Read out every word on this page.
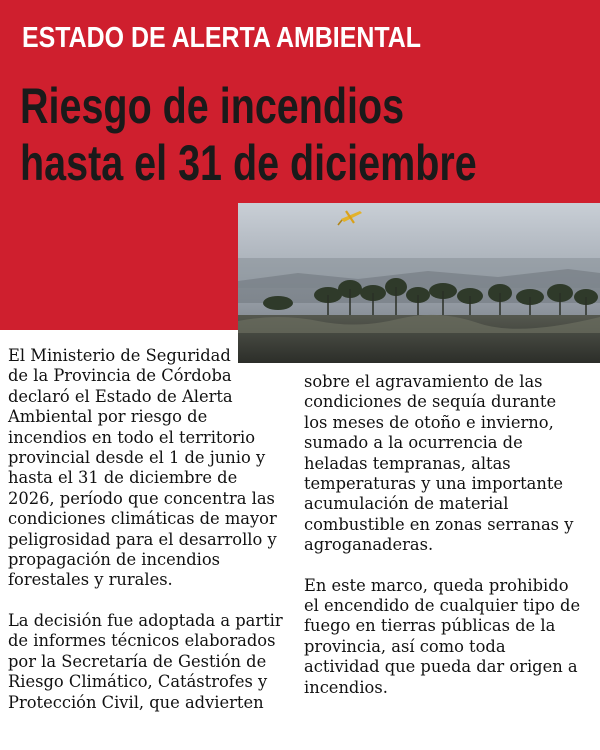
ESTADO DE ALERTA AMBIENTAL
Riesgo de incendios
hasta el 31 de diciembre

El Ministerio de Seguridad
de la Provincia de Córdoba
declaró el Estado de Alerta
Ambiental por riesgo de
incendios en todo el territorio
provincial desde el 1 de junio y
hasta el 31 de diciembre de
2026, período que concentra las
condiciones climáticas de mayor
peligrosidad para el desarrollo y
propagación de incendios
forestales y rurales.

La decisión fue adoptada a partir
de informes técnicos elaborados
por la Secretaría de Gestión de
Riesgo Climático, Catástrofes y
Protección Civil, que advierten

sobre el agravamiento de las
condiciones de sequía durante
los meses de otoño e invierno,
sumado a la ocurrencia de
heladas tempranas, altas
temperaturas y una importante
acumulación de material
combustible en zonas serranas y
agroganaderas.

En este marco, queda prohibido
el encendido de cualquier tipo de
fuego en tierras públicas de la
provincia, así como toda
actividad que pueda dar origen a
incendios.
